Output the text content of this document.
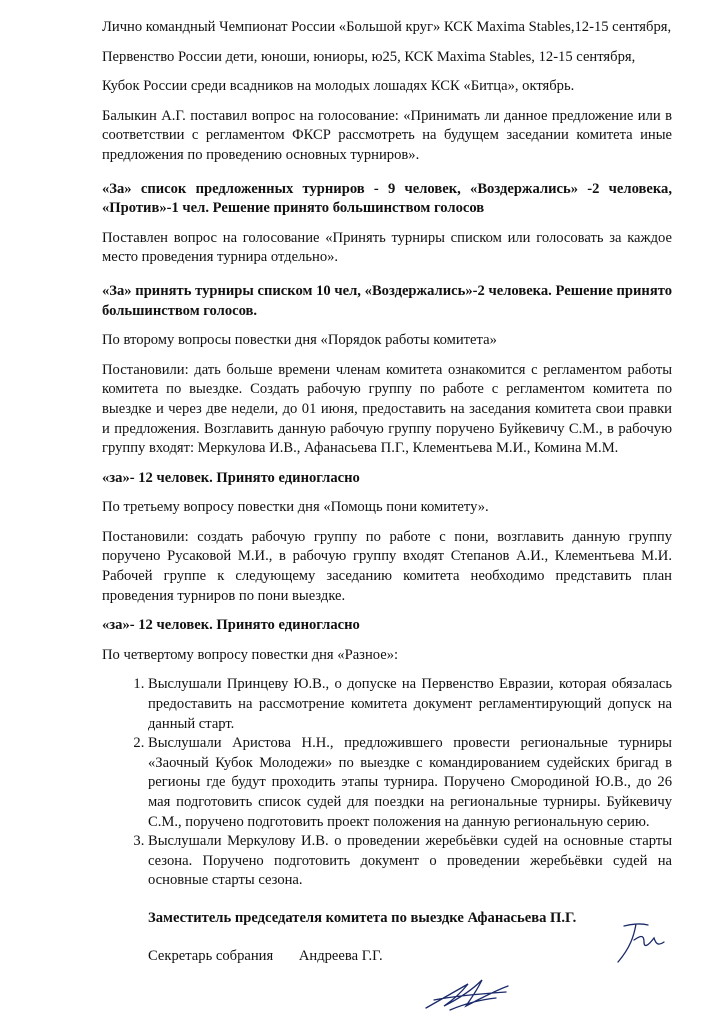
Лично командный Чемпионат России «Большой круг» КСК Maxima Stables,12-15 сентября,

Первенство России дети, юноши, юниоры, ю25, КСК Maxima Stables, 12-15 сентября,

Кубок России среди всадников на молодых лошадях КСК «Битца», октябрь.

Балыкин А.Г. поставил вопрос на голосование: «Принимать ли данное предложение или в соответствии с регламентом ФКСР рассмотреть на будущем заседании комитета иные предложения по проведению основных турниров».

«За» список предложенных турниров - 9 человек, «Воздержались» -2 человека, «Против»-1 чел. Решение принято большинством голосов

Поставлен вопрос на голосование «Принять турниры списком или голосовать за каждое место проведения турнира отдельно».

«За» принять турниры списком 10 чел, «Воздержались»-2 человека. Решение принято большинством голосов.

По второму вопросы повестки дня «Порядок работы комитета»

Постановили: дать больше времени членам комитета ознакомится с регламентом работы комитета по выездке. Создать рабочую группу по работе с регламентом комитета по выездке и через две недели, до 01 июня, предоставить на заседания комитета свои правки и предложения. Возглавить данную рабочую группу поручено Буйкевичу С.М., в рабочую группу входят: Меркулова И.В., Афанасьева П.Г., Клементьева М.И., Комина М.М.

«за»- 12 человек. Принято единогласно

По третьему вопросу повестки дня «Помощь пони комитету».

Постановили: создать рабочую группу по работе с пони, возглавить данную группу поручено Русаковой М.И., в рабочую группу входят Степанов А.И., Клементьева М.И. Рабочей группе к следующему заседанию комитета необходимо представить план проведения турниров по пони выездке.

«за»- 12 человек. Принято единогласно

По четвертому вопросу повестки дня «Разное»:

1. Выслушали Принцеву Ю.В., о допуске на Первенство Евразии, которая обязалась предоставить на рассмотрение комитета документ регламентирующий допуск на данный старт.
2. Выслушали Аристова Н.Н., предложившего провести региональные турниры «Заочный Кубок Молодежи» по выездке с командированием судейских бригад в регионы где будут проходить этапы турнира. Поручено Смородиной Ю.В., до 26 мая подготовить список судей для поездки на региональные турниры. Буйкевичу С.М., поручено подготовить проект положения на данную региональную серию.
3. Выслушали Меркулову И.В. о проведении жеребьёвки судей на основные старты сезона. Поручено подготовить документ о проведении жеребьёвки судей на основные старты сезона.

Заместитель председателя комитета по выездке Афанасьева П.Г.

Секретарь собрания Андреева Г.Г.
